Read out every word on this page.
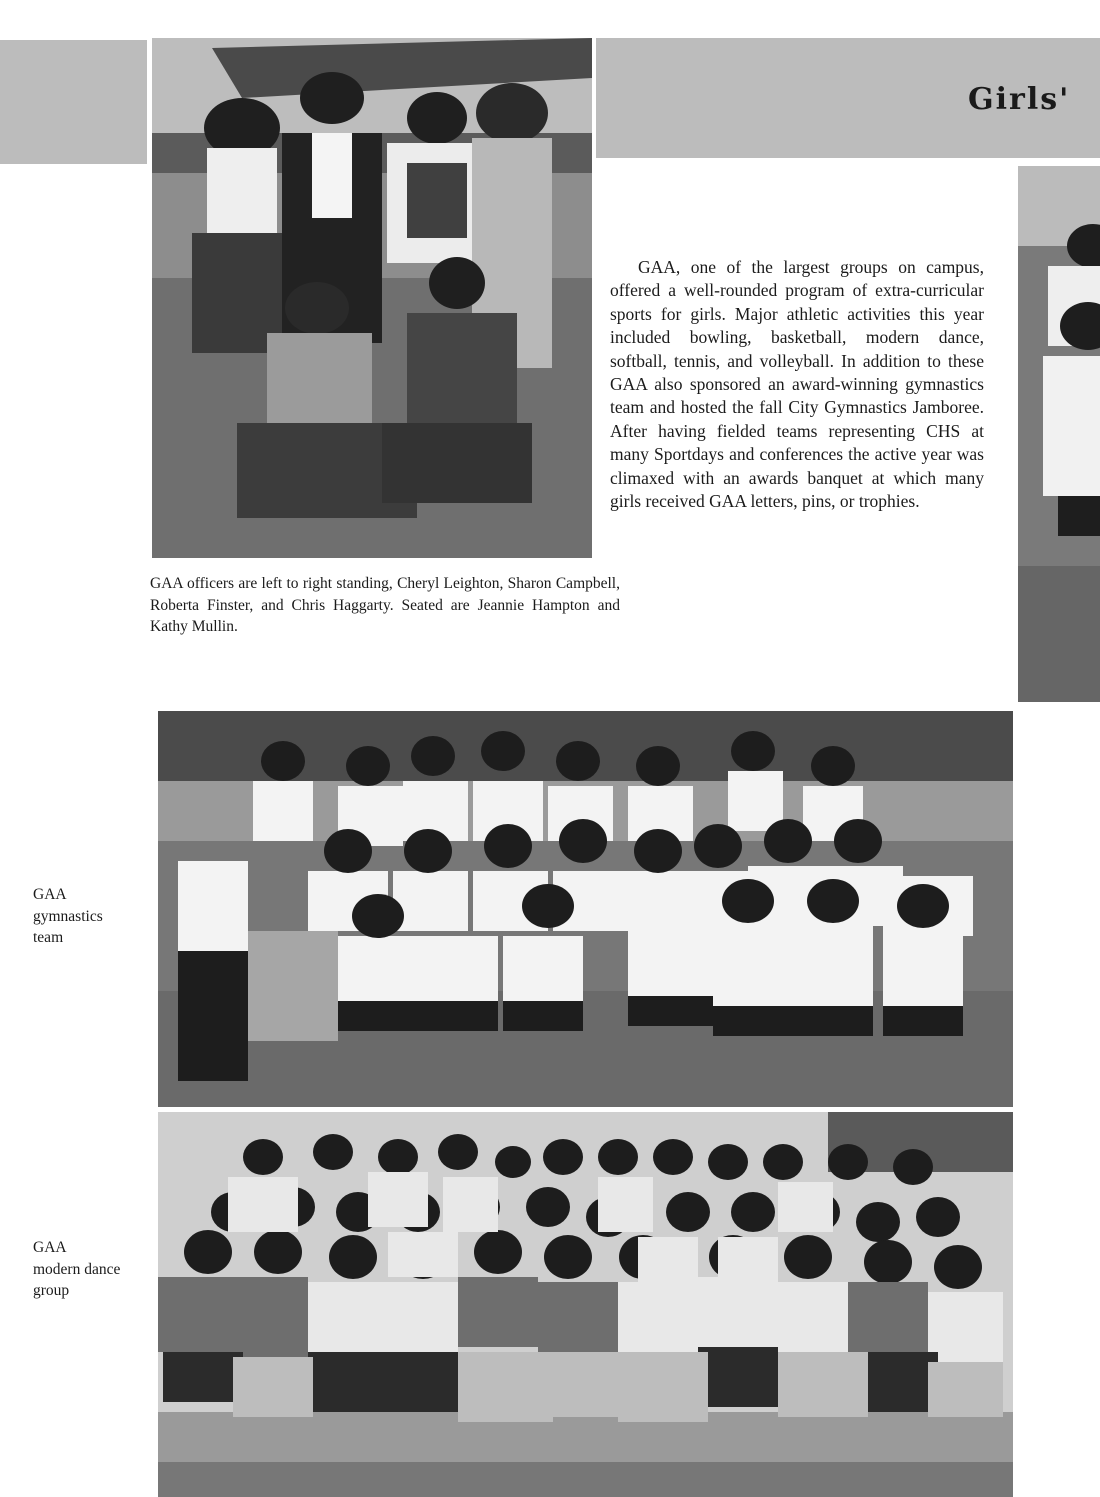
Girls'

GAA, one of the largest groups on campus, offered a well-rounded program of extra-curricular sports for girls. Major athletic activities this year included bowling, basketball, modern dance, softball, tennis, and volleyball. In addition to these GAA also sponsored an award-winning gymnastics team and hosted the fall City Gymnastics Jamboree. After having fielded teams representing CHS at many Sportdays and conferences the active year was climaxed with an awards banquet at which many girls received GAA letters, pins, or trophies.

GAA officers are left to right standing, Cheryl Leighton, Sharon Campbell, Roberta Finster, and Chris Haggarty. Seated are Jeannie Hampton and Kathy Mullin.

GAA
gymnastics
team
GAA
modern dance
group
